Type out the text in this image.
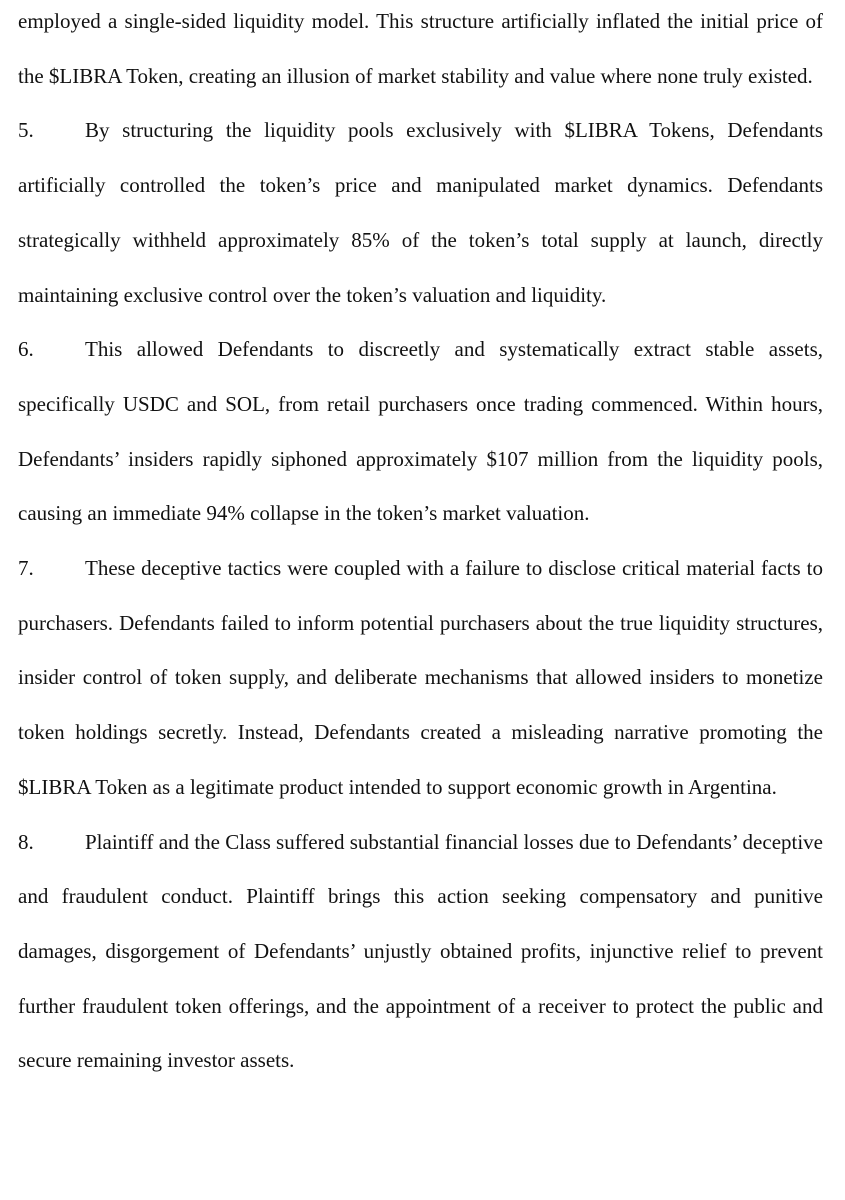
employed a single-sided liquidity model. This structure artificially inflated the initial price of the $LIBRA Token, creating an illusion of market stability and value where none truly existed.

5. By structuring the liquidity pools exclusively with $LIBRA Tokens, Defendants artificially controlled the token’s price and manipulated market dynamics. Defendants strategically withheld approximately 85% of the token’s total supply at launch, directly maintaining exclusive control over the token’s valuation and liquidity.

6. This allowed Defendants to discreetly and systematically extract stable assets, specifically USDC and SOL, from retail purchasers once trading commenced. Within hours, Defendants’ insiders rapidly siphoned approximately $107 million from the liquidity pools, causing an immediate 94% collapse in the token’s market valuation.

7. These deceptive tactics were coupled with a failure to disclose critical material facts to purchasers. Defendants failed to inform potential purchasers about the true liquidity structures, insider control of token supply, and deliberate mechanisms that allowed insiders to monetize token holdings secretly. Instead, Defendants created a misleading narrative promoting the $LIBRA Token as a legitimate product intended to support economic growth in Argentina.

8. Plaintiff and the Class suffered substantial financial losses due to Defendants’ deceptive and fraudulent conduct. Plaintiff brings this action seeking compensatory and punitive damages, disgorgement of Defendants’ unjustly obtained profits, injunctive relief to prevent further fraudulent token offerings, and the appointment of a receiver to protect the public and secure remaining investor assets.
